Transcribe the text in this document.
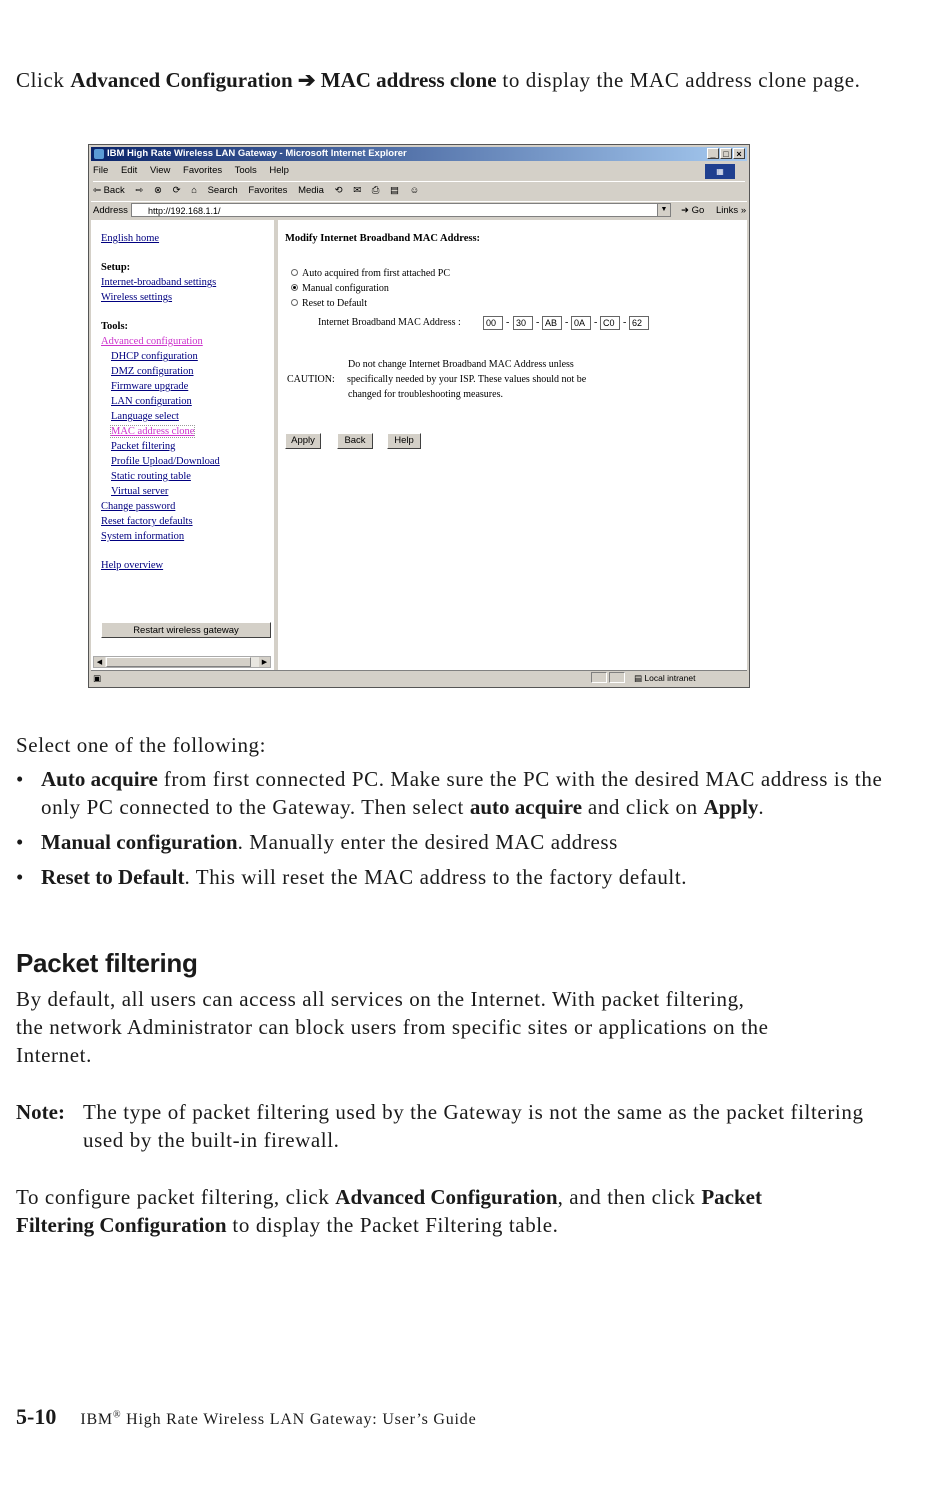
Click Advanced Configuration ➔ MAC address clone to display the MAC address clone page.

IBM High Rate Wireless LAN Gateway - Microsoft Internet Explorer	_ □ ×
File Edit View Favorites Tools Help	▦
⇦ Back ⇨ ⊗ ⟳ ⌂ Search Favorites Media ⟲ ✉ ⎙ ▤ ☺
Address	http://192.168.1.1/	▼ ➜ Go Links »
English home
Setup:
Internet-broadband settings
Wireless settings
Tools:
Advanced configuration
DHCP configuration
DMZ configuration
Firmware upgrade
LAN configuration
Language select
MAC address clone
Packet filtering
Profile Upload/Download
Static routing table
Virtual server
Change password
Reset factory defaults
System information
Help overview
Restart wireless gateway
◀	▶
Modify Internet Broadband MAC Address:
Auto acquired from first attached PC
Manual configuration
Reset to Default
Internet Broadband MAC Address :	00 - 30 - AB - 0A - C0 - 62
CAUTION:
Do not change Internet Broadband MAC Address unless
specifically needed by your ISP. These values should not be
changed for troubleshooting measures.
Apply	Back	Help
▣	▤ Local intranet

Select one of the following:

• Auto acquire from first connected PC. Make sure the PC with the desired MAC address is the only PC connected to the Gateway. Then select auto acquire and click on Apply.
• Manual configuration. Manually enter the desired MAC address
• Reset to Default. This will reset the MAC address to the factory default.
Packet filtering

By default, all users can access all services on the Internet. With packet filtering, the network Administrator can block users from specific sites or applications on the Internet.

Note: The type of packet filtering used by the Gateway is not the same as the packet filtering used by the built-in firewall.

To configure packet filtering, click Advanced Configuration, and then click Packet Filtering Configuration to display the Packet Filtering table.

5-10 IBM® High Rate Wireless LAN Gateway: User’s Guide
